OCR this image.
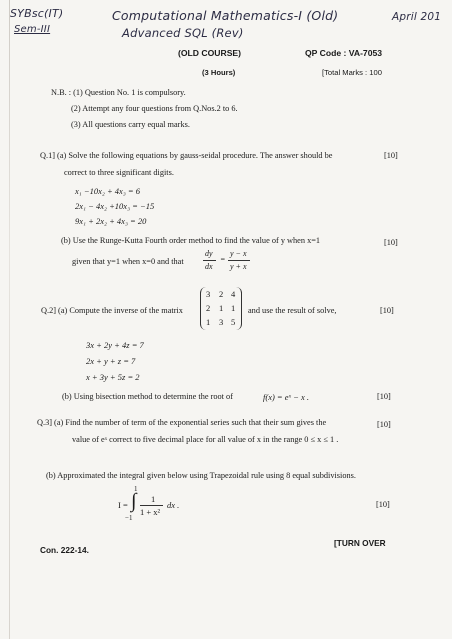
SYBsc(IT)
Sem-III
Computational Mathematics-I (Old)
Advanced SQL (Rev)
April 201
(OLD COURSE)	QP Code : VA-7053
(3 Hours)	[Total Marks : 100
N.B. : (1) Question No. 1 is compulsory.
(2) Attempt any four questions from Q.Nos.2 to 6.
(3) All questions carry equal marks.
Q.1] (a) Solve the following equations by gauss-seidal procedure. The answer should be	[10]
correct to three significant digits.
x₁ −10x₂ + 4x₃ = 6
2x₁ − 4x₂ +10x₃ = −15
9x₁ + 2x₂ + 4x₃ = 20
(b) Use the Runge-Kutta Fourth order method to find the value of y when x=1	[10]
given that y=1 when x=0 and that
dy
dx
=
y − x
y + x
Q.2] (a) Compute the inverse of the matrix
3 2 4
2 1 1
1 3 5
and use the result of solve,	[10]
3x + 2y + 4z = 7
2x + y + z = 7
x + 3y + 5z = 2
(b) Using bisection method to determine the root of	f(x) = eˣ − x .	[10]
Q.3] (a) Find the number of term of the exponential series such that their sum gives the	[10]
value of eˣ correct to five decimal place for all value of x in the range 0 ≤ x ≤ 1 .
(b) Approximated the integral given below using Trapezoidal rule using 8 equal subdivisions.
I =
1
∫
−1
1
1 + x²
dx .	[10]
Con. 222-14.
[TURN OVER
